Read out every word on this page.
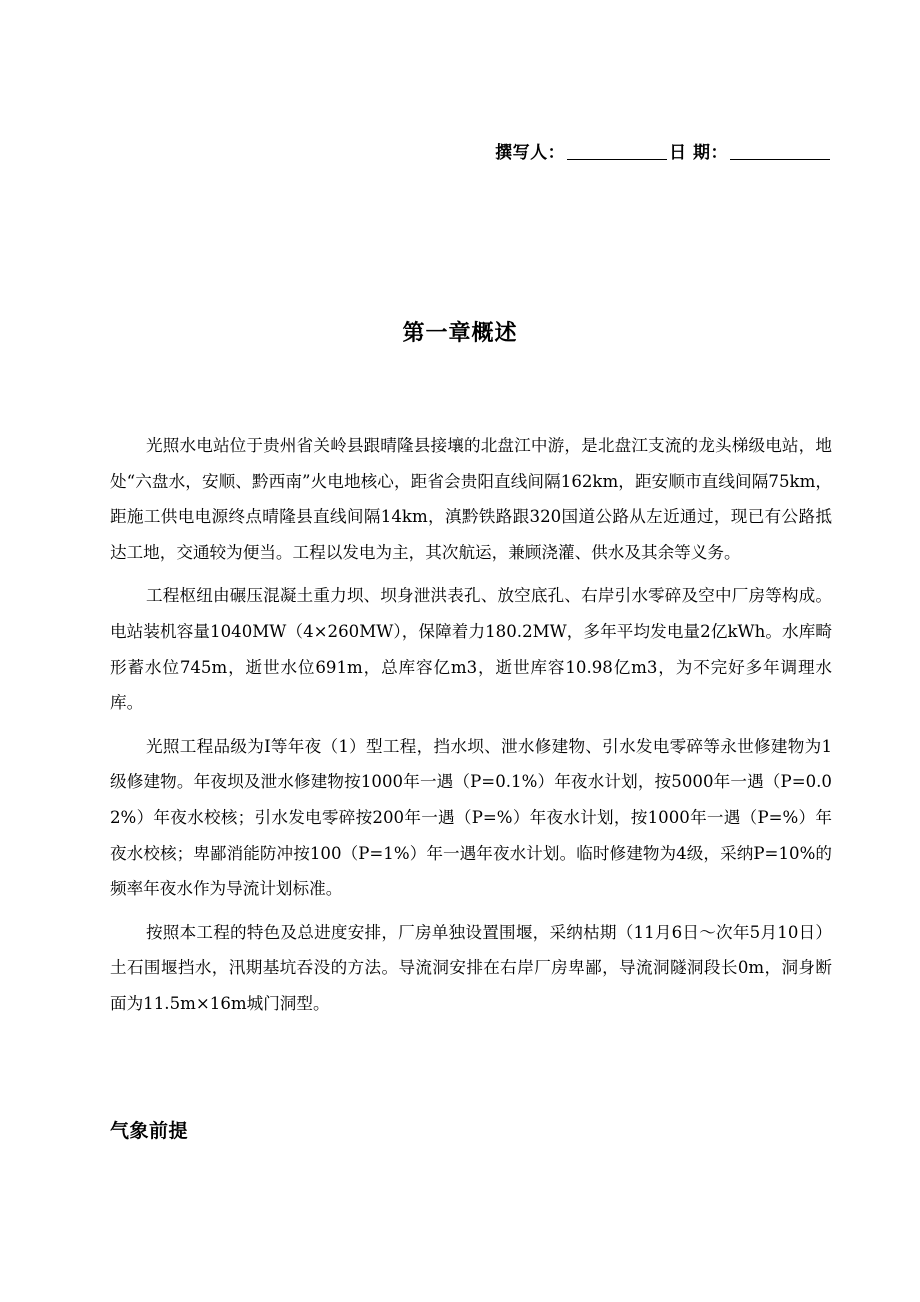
撰写人：	日 期：
第一章概述

光照水电站位于贵州省关岭县跟晴隆县接壤的北盘江中游，是北盘江支流的龙头梯级电站，地处“六盘水，安顺、黔西南”火电地核心，距省会贵阳直线间隔162km，距安顺市直线间隔75km，距施工供电电源终点晴隆县直线间隔14km，滇黔铁路跟320国道公路从左近通过，现已有公路抵达工地，交通较为便当。工程以发电为主，其次航运，兼顾浇灌、供水及其余等义务。

工程枢纽由碾压混凝土重力坝、坝身泄洪表孔、放空底孔、右岸引水零碎及空中厂房等构成。电站装机容量1040MW（4×260MW），保障着力180.2MW，多年平均发电量2亿kWh。水库畸形蓄水位745m，逝世水位691m，总库容亿m3，逝世库容10.98亿m3，为不完好多年调理水库。

光照工程品级为Ⅰ等年夜（1）型工程，挡水坝、泄水修建物、引水发电零碎等永世修建物为1级修建物。年夜坝及泄水修建物按1000年一遇（P=0.1%）年夜水计划，按5000年一遇（P=0.02%）年夜水校核；引水发电零碎按200年一遇（P=%）年夜水计划，按1000年一遇（P=%）年夜水校核；卑鄙消能防冲按100（P=1%）年一遇年夜水计划。临时修建物为4级，采纳P=10%的频率年夜水作为导流计划标准。

按照本工程的特色及总进度安排，厂房单独设置围堰，采纳枯期（11月6日～次年5月10日）土石围堰挡水，汛期基坑吞没的方法。导流洞安排在右岸厂房卑鄙，导流洞隧洞段长0m，洞身断面为11.5m×16m城门洞型。

气象前提
